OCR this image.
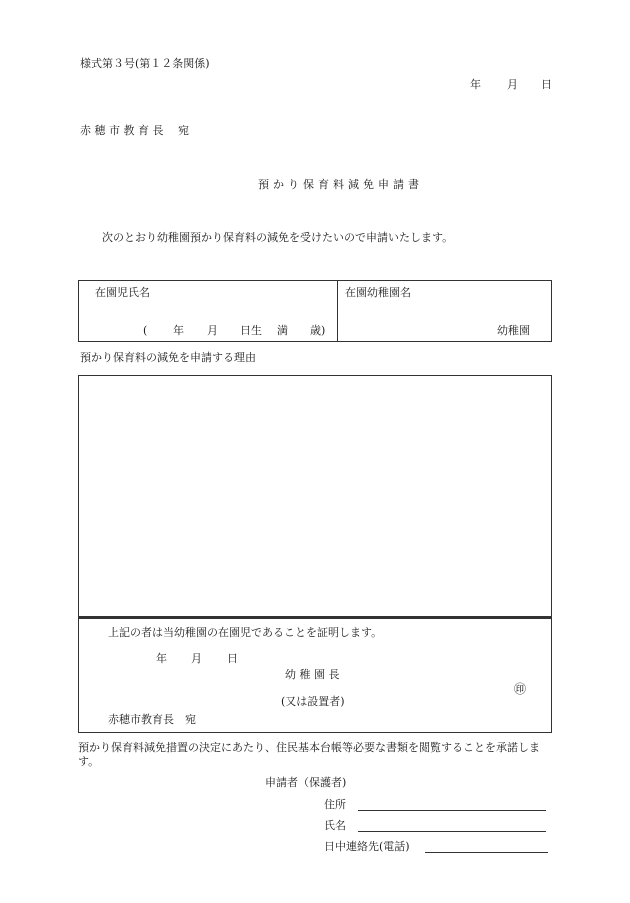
様式第３号(第１２条関係)
年 月 日
赤 穂 市 教 育 長　 宛
預かり保育料減免申請書
次のとおり幼稚園預かり保育料の減免を受けたいので申請いたします。
在園児氏名
( 年 月 日生 満 歳)
在園幼稚園名
幼稚園
預かり保育料の減免を申請する理由
上記の者は当幼稚園の在園児であることを証明します。
年 月 日
幼 稚 園 長
㊞
(又は設置者)
赤穂市教育長　宛
預かり保育料減免措置の決定にあたり、住民基本台帳等必要な書類を閲覧することを承諾しま
す。
申請者（保護者)
住所
氏名
日中連絡先(電話)
